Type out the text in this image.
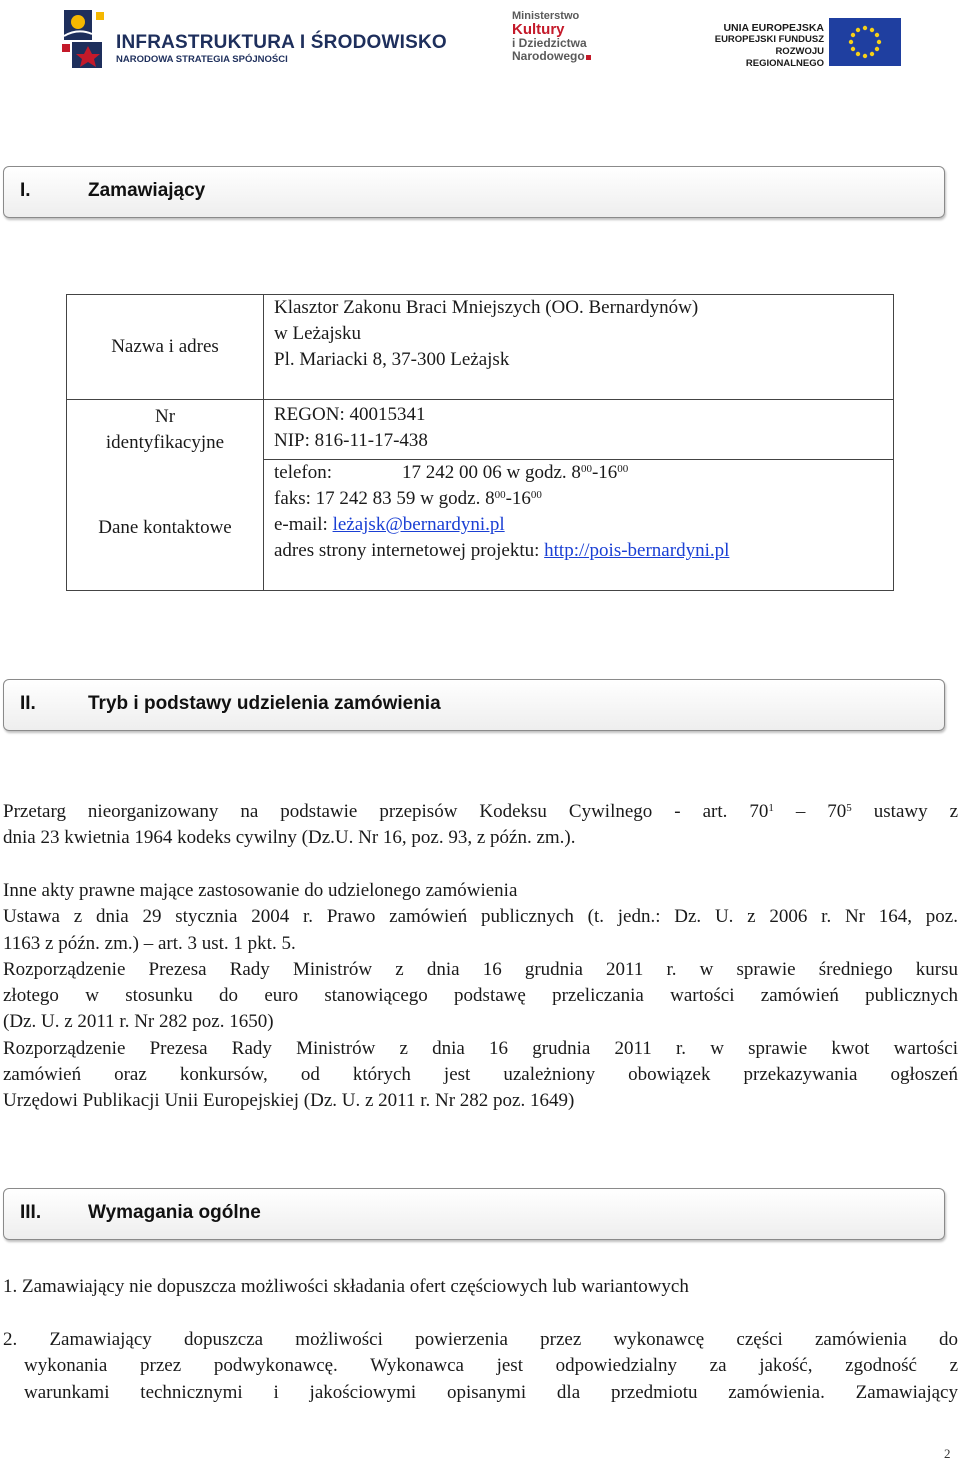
INFRASTRUKTURA I ŚRODOWISKO
NARODOWA STRATEGIA SPÓJNOŚCI
Ministerstwo
Kultury
i Dziedzictwa
Narodowego
UNIA EUROPEJSKA
EUROPEJSKI FUNDUSZ
ROZWOJU REGIONALNEGO
I.	Zamawiający
Nazwa i adres	Klasztor Zakonu Braci Mniejszych (OO. Bernardynów)
w Leżajsku
Pl. Mariacki 8, 37-300 Leżajsk

Nr
identyfikacyjne	REGON: 40015341
NIP: 816-11-17-438

Dane kontaktowe	telefon: 17 242 00 06 w godz. $8^{00}-16^{00}$
faks: 17 242 83 59 w godz. $8^{00}-16^{00}$
e-mail: leżajsk@bernardyni.pl
adres strony internetowej projektu: http://pois-bernardyni.pl
II.	Tryb i podstawy udzielenia zamówienia
Przetarg nieorganizowany na podstawie przepisów Kodeksu Cywilnego - art. $70^1 - 70^5$ ustawy z
dnia 23 kwietnia 1964 kodeks cywilny (Dz.U. Nr 16, poz. 93, z późn. zm.).
Inne akty prawne mające zastosowanie do udzielonego zamówienia
Ustawa z dnia 29 stycznia 2004 r. Prawo zamówień publicznych (t. jedn.: Dz. U. z 2006 r. Nr 164, poz.
1163 z późn. zm.) – art. 3 ust. 1 pkt. 5.
Rozporządzenie Prezesa Rady Ministrów z dnia 16 grudnia 2011 r. w sprawie średniego kursu
złotego w stosunku do euro stanowiącego podstawę przeliczania wartości zamówień publicznych
(Dz. U. z 2011 r. Nr 282 poz. 1650)
Rozporządzenie Prezesa Rady Ministrów z dnia 16 grudnia 2011 r. w sprawie kwot wartości
zamówień oraz konkursów, od których jest uzależniony obowiązek przekazywania ogłoszeń
Urzędowi Publikacji Unii Europejskiej (Dz. U. z 2011 r. Nr 282 poz. 1649)
III. Wymagania ogólne
1. Zamawiający nie dopuszcza możliwości składania ofert częściowych lub wariantowych
2. Zamawiający dopuszcza możliwości powierzenia przez wykonawcę części zamówienia do
wykonania przez podwykonawcę. Wykonawca jest odpowiedzialny za jakość, zgodność z
warunkami technicznymi i jakościowymi opisanymi dla przedmiotu zamówienia. Zamawiający
2
